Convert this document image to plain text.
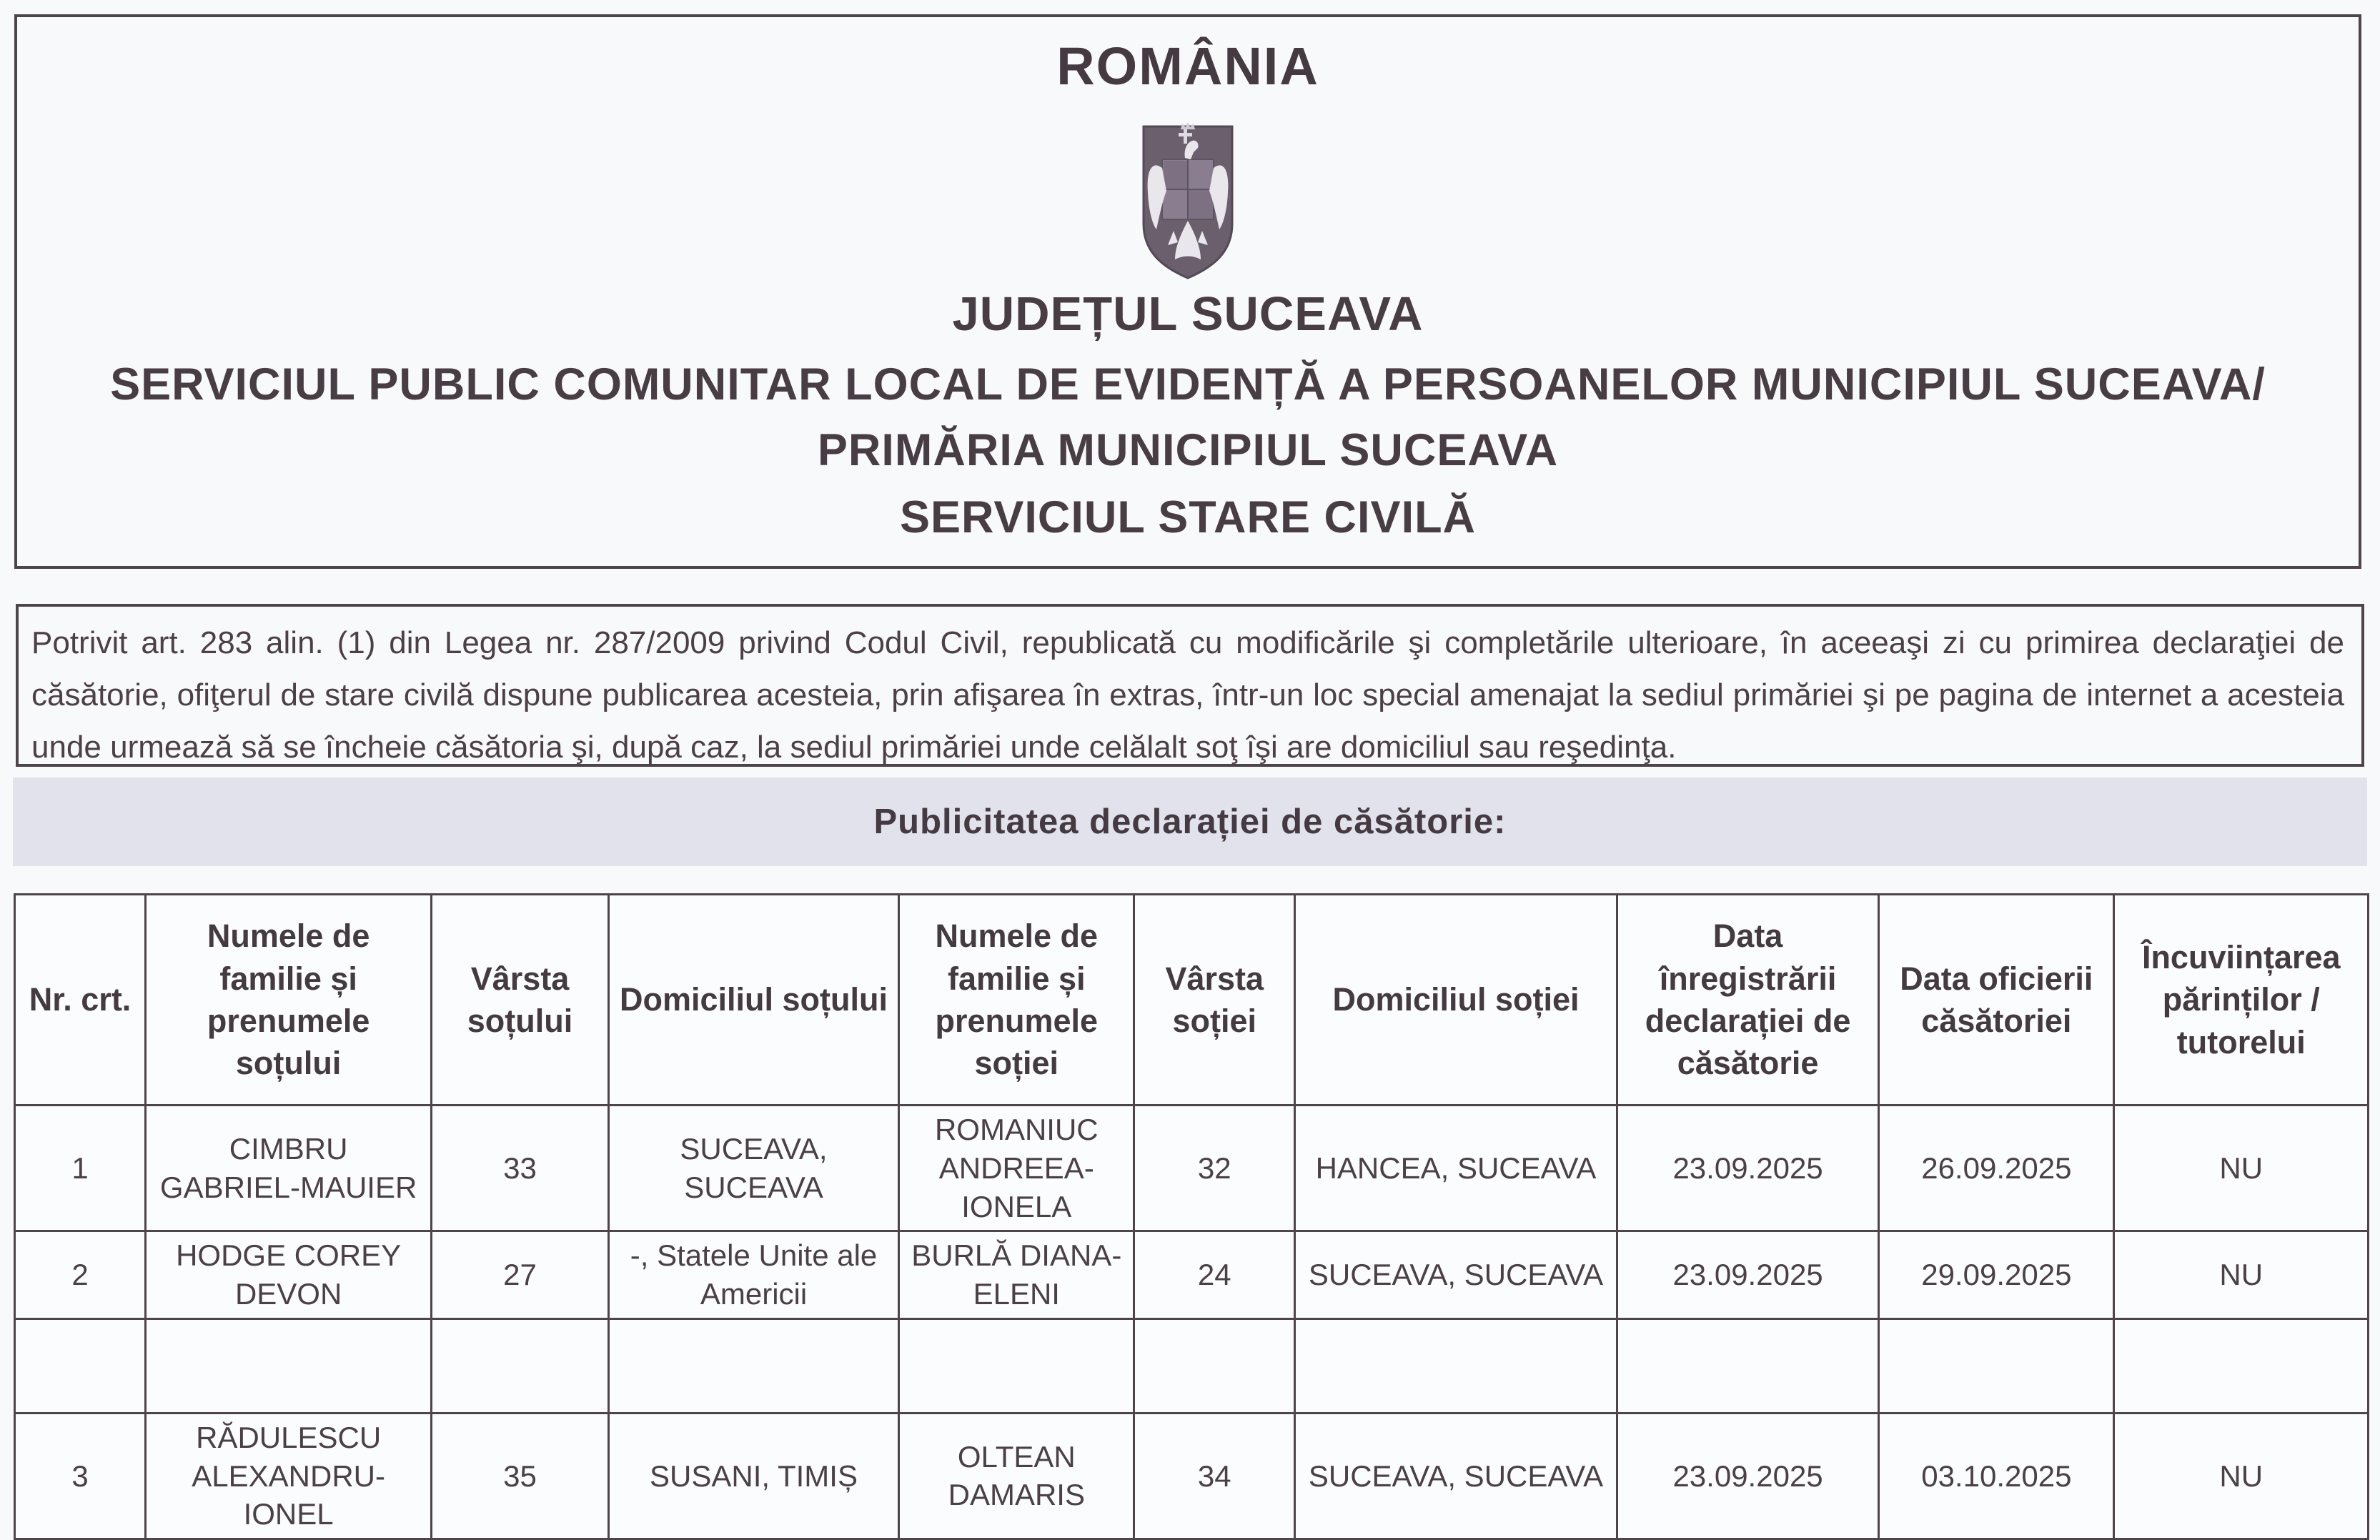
ROMÂNIA
JUDEȚUL SUCEAVA
SERVICIUL PUBLIC COMUNITAR LOCAL DE EVIDENȚĂ A PERSOANELOR MUNICIPIUL SUCEAVA/
PRIMĂRIA MUNICIPIUL SUCEAVA
SERVICIUL STARE CIVILĂ
Potrivit art. 283 alin. (1) din Legea nr. 287/2009 privind Codul Civil, republicată cu modificările şi completările ulterioare, în aceeaşi zi cu primirea declaraţiei de căsătorie, ofiţerul de stare civilă dispune publicarea acesteia, prin afişarea în extras, într-un loc special amenajat la sediul primăriei şi pe pagina de internet a acesteia unde urmează să se încheie căsătoria şi, după caz, la sediul primăriei unde celălalt soţ îşi are domiciliul sau reşedinţa.
Publicitatea declarației de căsătorie:
Nr. crt.	Numele de familie și prenumele soțului	Vârsta soțului	Domiciliul soțului	Numele de familie și prenumele soției	Vârsta soției	Domiciliul soției	Data înregistrării declarației de căsătorie	Data oficierii căsătoriei	Încuviințarea părinților / tutorelui
1	CIMBRU GABRIEL-MAUIER	33	SUCEAVA, SUCEAVA	ROMANIUC ANDREEA-IONELA	32	HANCEA, SUCEAVA	23.09.2025	26.09.2025	NU
2	HODGE COREY DEVON	27	-, Statele Unite ale Americii	BURLĂ DIANA-ELENI	24	SUCEAVA, SUCEAVA	23.09.2025	29.09.2025	NU

3	RĂDULESCU ALEXANDRU-IONEL	35	SUSANI, TIMIȘ	OLTEAN DAMARIS	34	SUCEAVA, SUCEAVA	23.09.2025	03.10.2025	NU
